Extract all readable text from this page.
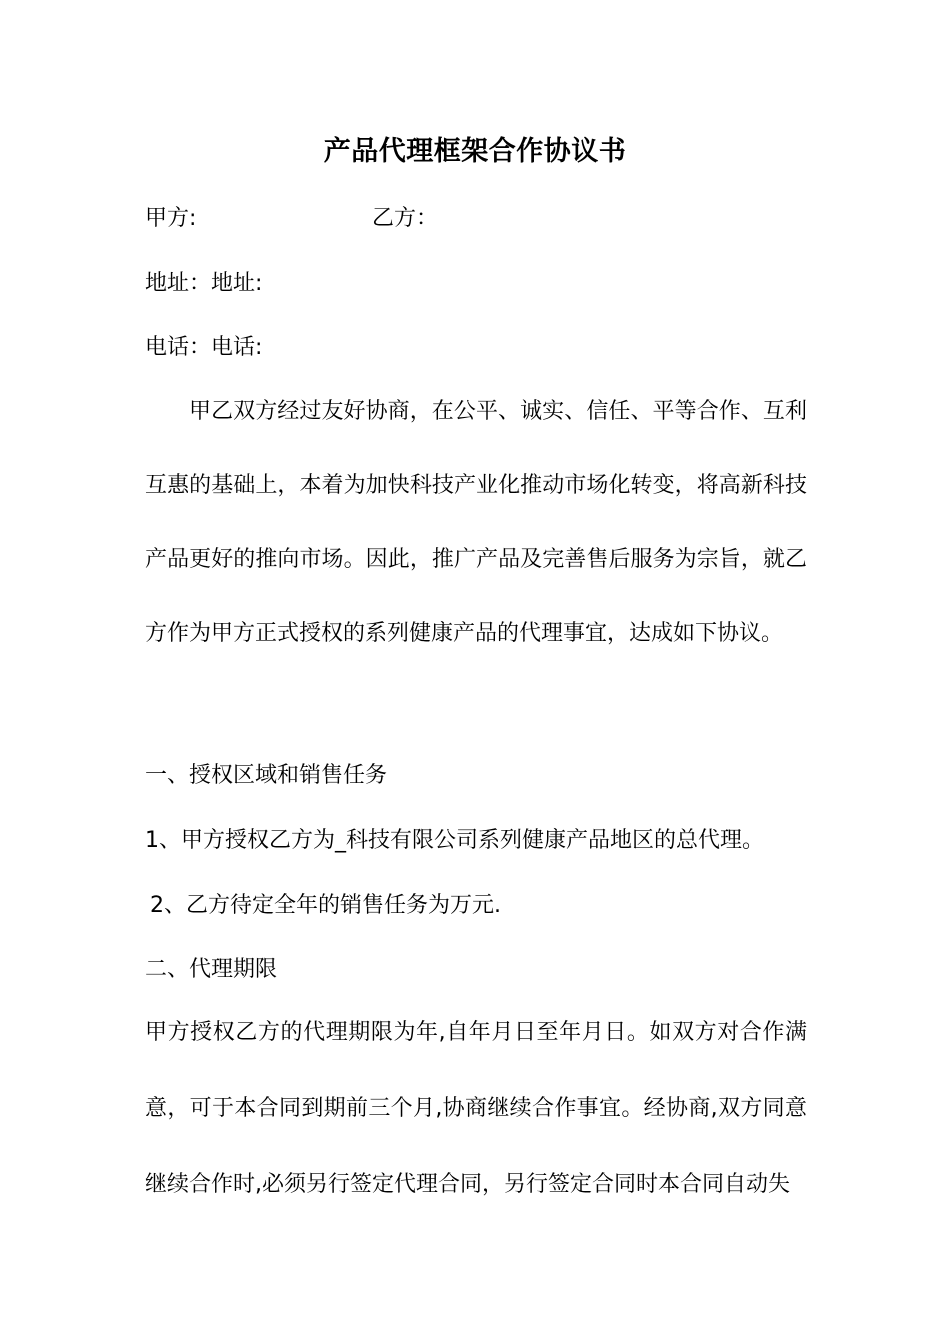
产品代理框架合作协议书
甲方:	乙方：
地址：地址:
电话：电话:
甲乙双方经过友好协商，在公平、诚实、信任、平等合作、互利互惠的基础上，本着为加快科技产业化推动市场化转变，将高新科技产品更好的推向市场。因此，推广产品及完善售后服务为宗旨，就乙方作为甲方正式授权的系列健康产品的代理事宜，达成如下协议。
一、授权区域和销售任务
1、甲方授权乙方为_科技有限公司系列健康产品地区的总代理。
2、乙方待定全年的销售任务为万元.
二、代理期限
甲方授权乙方的代理期限为年,自年月日至年月日。如双方对合作满意，可于本合同到期前三个月,协商继续合作事宜。经协商,双方同意继续合作时,必须另行签定代理合同，另行签定合同时本合同自动失
